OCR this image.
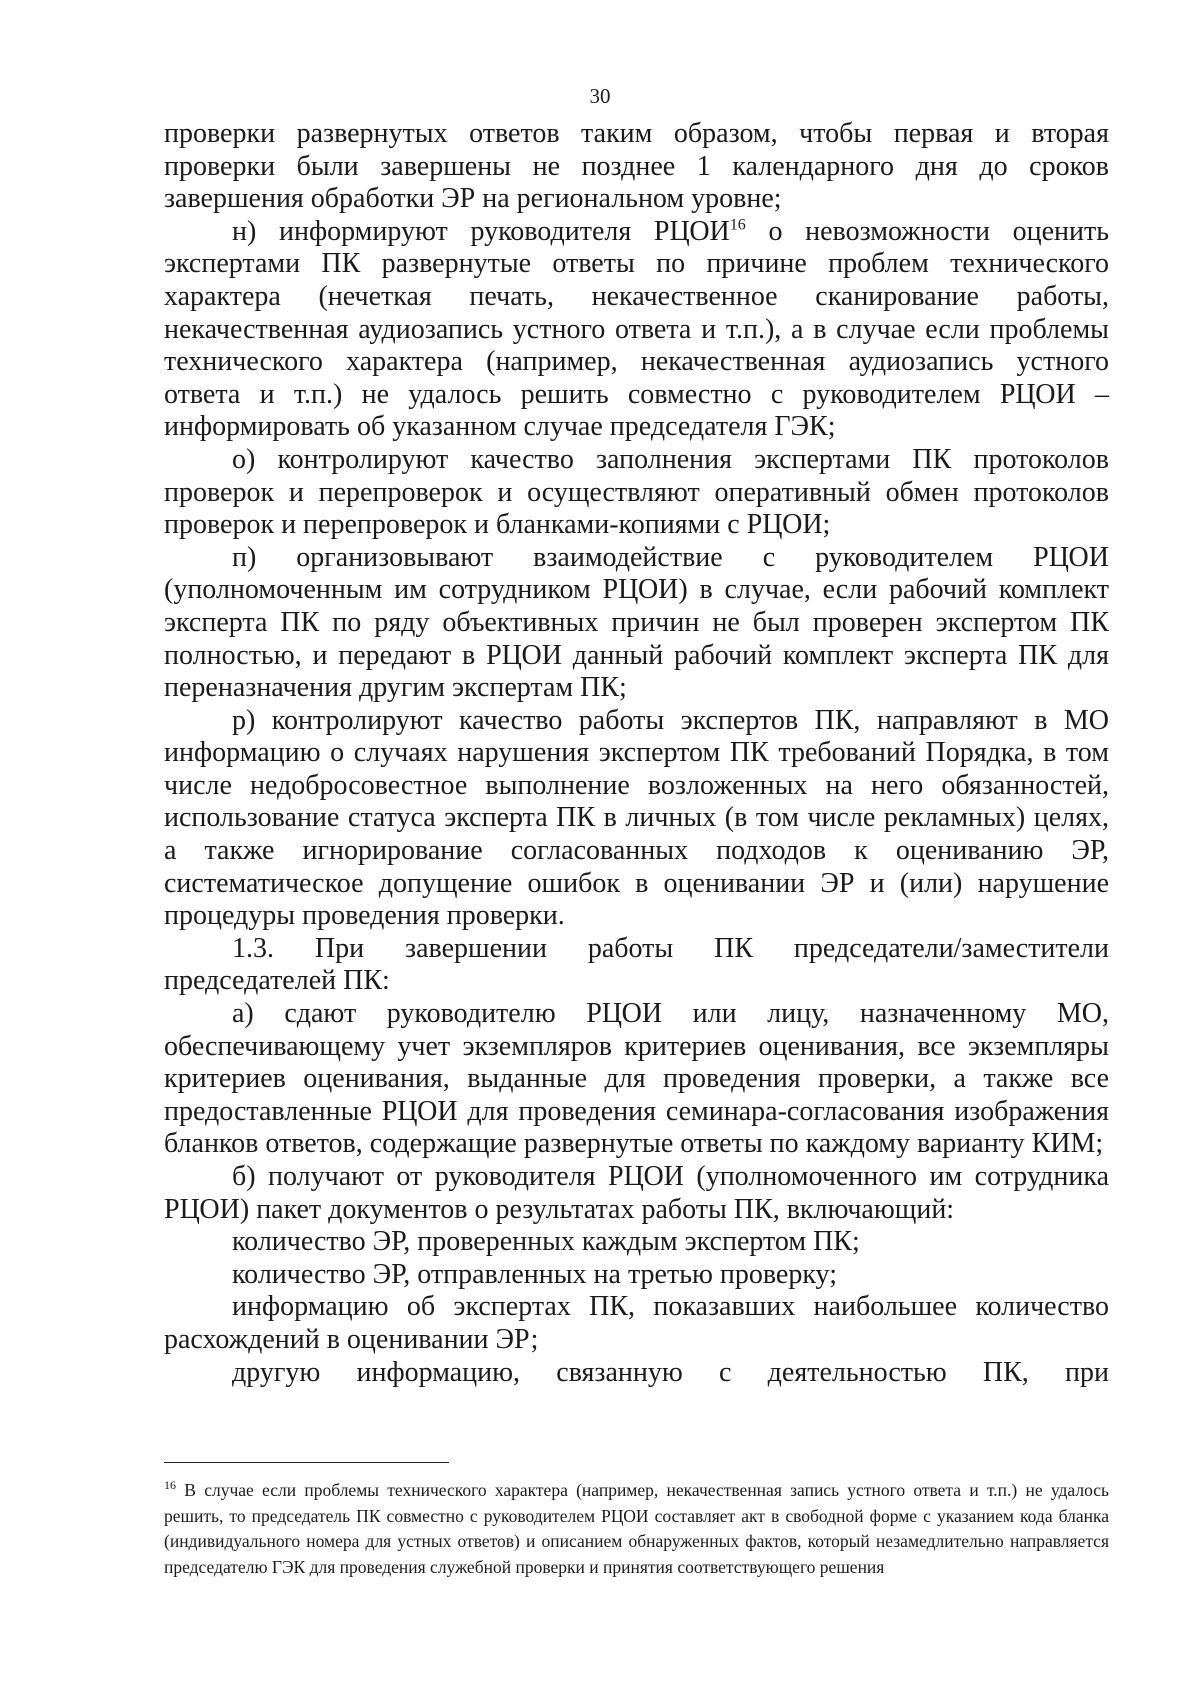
30

проверки развернутых ответов таким образом, чтобы первая и вторая проверки были завершены не позднее 1 календарного дня до сроков завершения обработки ЭР на региональном уровне;

н) информируют руководителя РЦОИ$^{16}$ о невозможности оценить экспертами ПК развернутые ответы по причине проблем технического характера (нечеткая печать, некачественное сканирование работы, некачественная аудиозапись устного ответа и т.п.), а в случае если проблемы технического характера (например, некачественная аудиозапись устного ответа и т.п.) не удалось решить совместно с руководителем РЦОИ – информировать об указанном случае председателя ГЭК;

о) контролируют качество заполнения экспертами ПК протоколов проверок и перепроверок и осуществляют оперативный обмен протоколов проверок и перепроверок и бланками-копиями с РЦОИ;

п) организовывают взаимодействие с руководителем РЦОИ (уполномоченным им сотрудником РЦОИ) в случае, если рабочий комплект эксперта ПК по ряду объективных причин не был проверен экспертом ПК полностью, и передают в РЦОИ данный рабочий комплект эксперта ПК для переназначения другим экспертам ПК;

р) контролируют качество работы экспертов ПК, направляют в МО информацию о случаях нарушения экспертом ПК требований Порядка, в том числе недобросовестное выполнение возложенных на него обязанностей, использование статуса эксперта ПК в личных (в том числе рекламных) целях, а также игнорирование согласованных подходов к оцениванию ЭР, систематическое допущение ошибок в оценивании ЭР и (или) нарушение процедуры проведения проверки.

1.3. При завершении работы ПК председатели/заместители председателей ПК:

а) сдают руководителю РЦОИ или лицу, назначенному МО, обеспечивающему учет экземпляров критериев оценивания, все экземпляры критериев оценивания, выданные для проведения проверки, а также все предоставленные РЦОИ для проведения семинара-согласования изображения бланков ответов, содержащие развернутые ответы по каждому варианту КИМ;

б) получают от руководителя РЦОИ (уполномоченного им сотрудника РЦОИ) пакет документов о результатах работы ПК, включающий:

количество ЭР, проверенных каждым экспертом ПК;

количество ЭР, отправленных на третью проверку;

информацию об экспертах ПК, показавших наибольшее количество расхождений в оценивании ЭР;

другую информацию, связанную с деятельностью ПК, при

$^{16}$ В случае если проблемы технического характера (например, некачественная запись устного ответа и т.п.) не удалось решить, то председатель ПК совместно с руководителем РЦОИ составляет акт в свободной форме с указанием кода бланка (индивидуального номера для устных ответов) и описанием обнаруженных фактов, который незамедлительно направляется председателю ГЭК для проведения служебной проверки и принятия соответствующего решения
